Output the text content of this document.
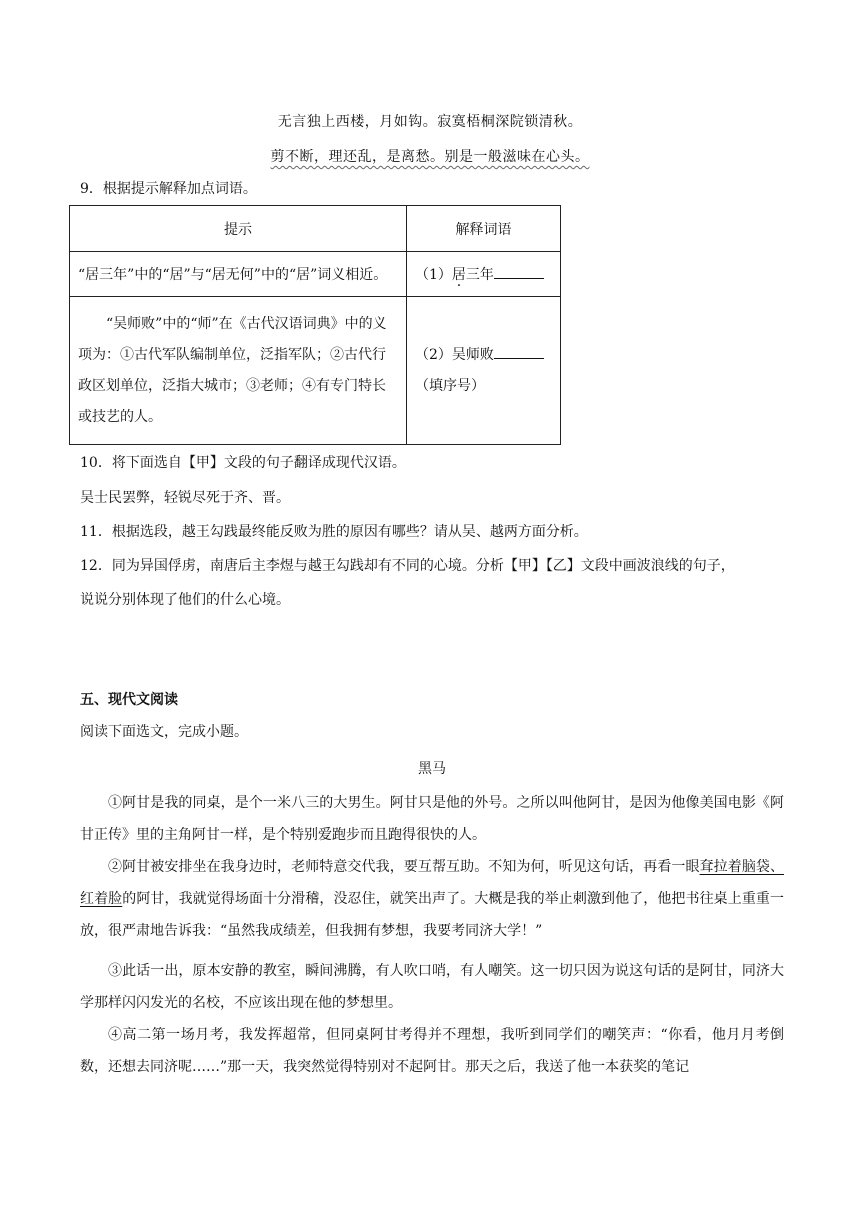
无言独上西楼，月如钩。寂寞梧桐深院锁清秋。
剪不断，理还乱，是离愁。别是一般滋味在心头。
9．根据提示解释加点词语。
提示	解释词语
“居三年”中的“居”与“居无何”中的“居”词义相近。	（1）居三年
“吴师败”中的“师”在《古代汉语词典》中的义项为：①古代军队编制单位，泛指军队；②古代行政区划单位，泛指大城市；③老师；④有专门特长或技艺的人。	（2）吴师 ·败
（填序号）
10．将下面选自【甲】文段的句子翻译成现代汉语。
吴士民罢弊，轻锐尽死于齐、晋。
11．根据选段，越王勾践最终能反败为胜的原因有哪些？请从吴、越两方面分析。
12．同为异国俘虏，南唐后主李煜与越王勾践却有不同的心境。分析【甲】【乙】文段中画波浪线的句子，
说说分别体现了他们的什么心境。
五、现代文阅读
阅读下面选文，完成小题。
黑马
①阿甘是我的同桌，是个一米八三的大男生。阿甘只是他的外号。之所以叫他阿甘，是因为他像美国电影《阿甘正传》里的主角阿甘一样，是个特别爱跑步而且跑得很快的人。
②阿甘被安排坐在我身边时，老师特意交代我，要互帮互助。不知为何，听见这句话，再看一眼耷拉着脑袋、红着脸的阿甘，我就觉得场面十分滑稽，没忍住，就笑出声了。大概是我的举止刺激到他了，他把书往桌上重重一放，很严肃地告诉我：“虽然我成绩差，但我拥有梦想，我要考同济大学！”
③此话一出，原本安静的教室，瞬间沸腾，有人吹口哨，有人嘲笑。这一切只因为说这句话的是阿甘，同济大学那样闪闪发光的名校，不应该出现在他的梦想里。
④高二第一场月考，我发挥超常，但同桌阿甘考得并不理想，我听到同学们的嘲笑声：“你看，他月月考倒数，还想去同济呢……”那一天，我突然觉得特别对不起阿甘。那天之后，我送了他一本获奖的笔记
